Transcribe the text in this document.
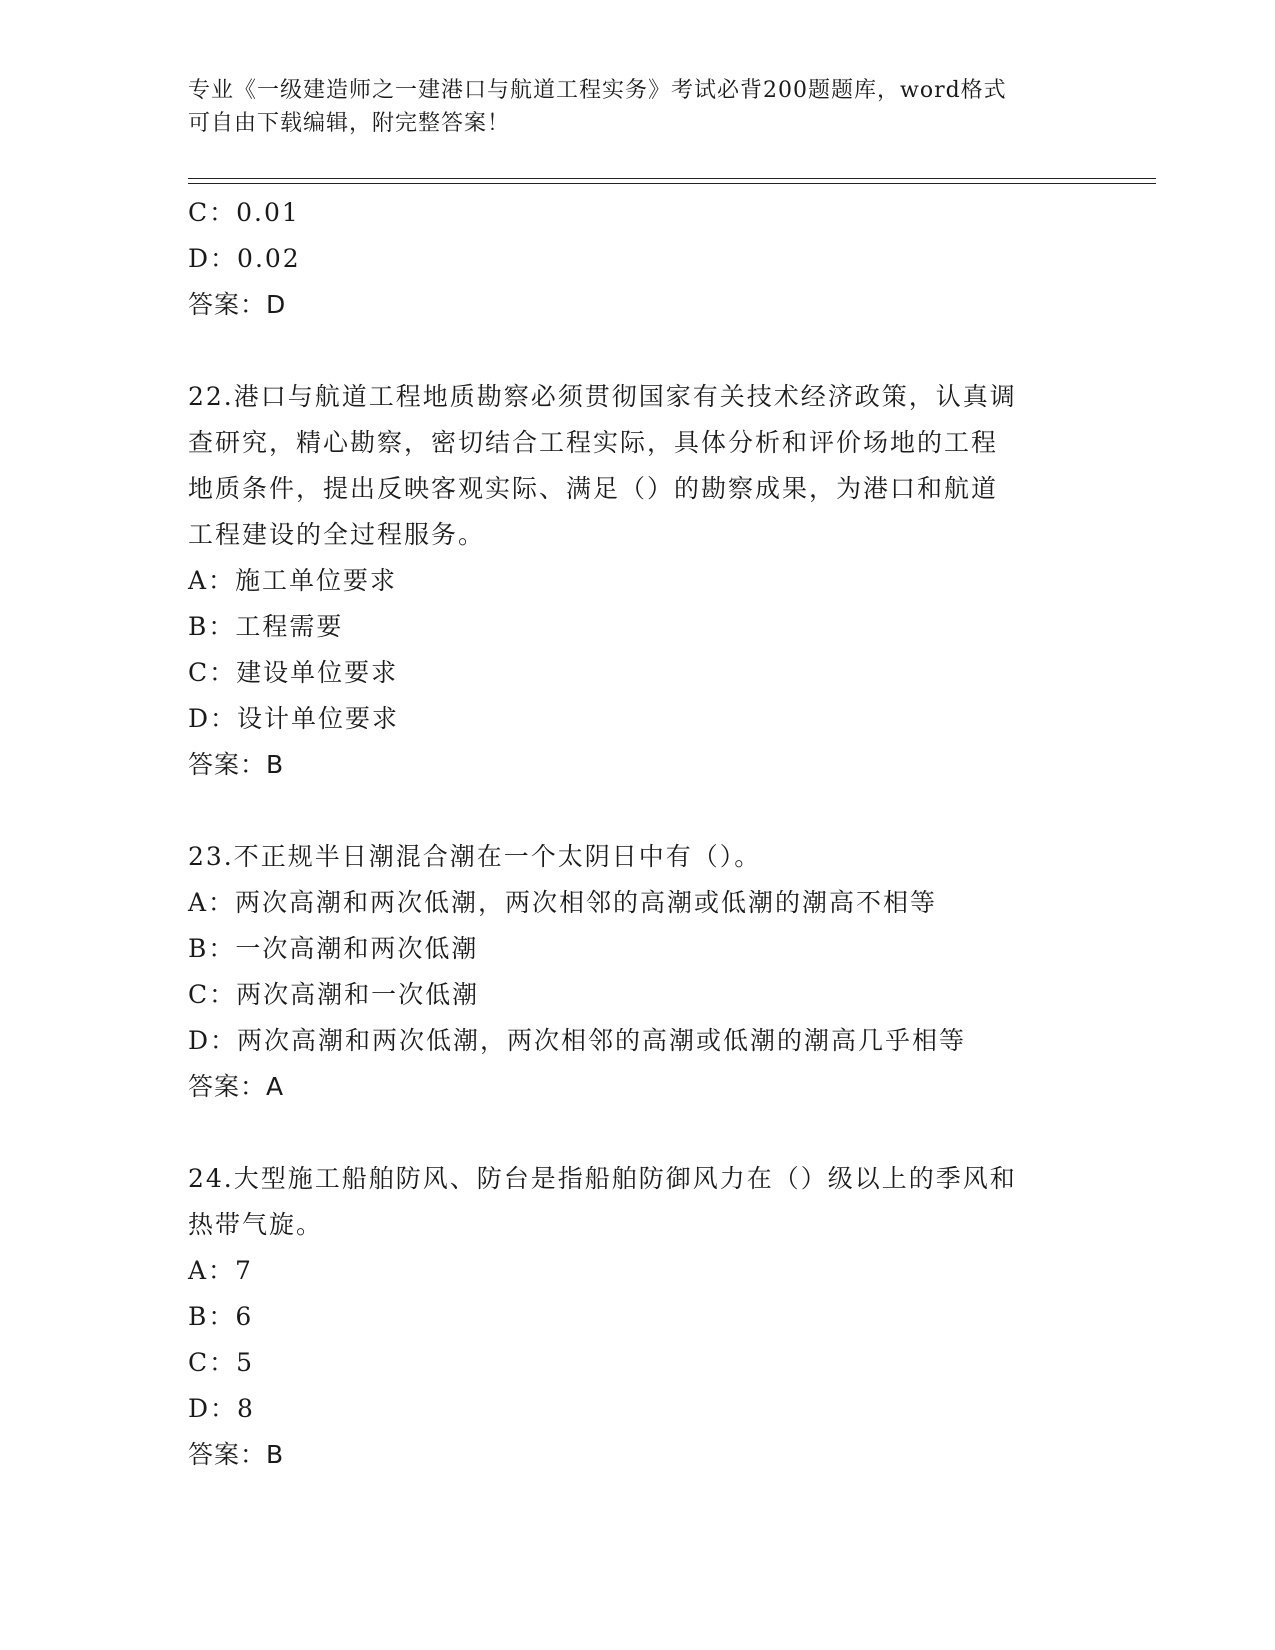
专业《一级建造师之一建港口与航道工程实务》考试必背200题题库，word格式
可自由下载编辑，附完整答案！
C：0.01
D：0.02
答案：D
22.港口与航道工程地质勘察必须贯彻国家有关技术经济政策，认真调
查研究，精心勘察，密切结合工程实际，具体分析和评价场地的工程
地质条件，提出反映客观实际、满足（）的勘察成果，为港口和航道
工程建设的全过程服务。
A：施工单位要求
B：工程需要
C：建设单位要求
D：设计单位要求
答案：B
23.不正规半日潮混合潮在一个太阴日中有（）。
A：两次高潮和两次低潮，两次相邻的高潮或低潮的潮高不相等
B：一次高潮和两次低潮
C：两次高潮和一次低潮
D：两次高潮和两次低潮，两次相邻的高潮或低潮的潮高几乎相等
答案：A
24.大型施工船舶防风、防台是指船舶防御风力在（）级以上的季风和
热带气旋。
A：7
B：6
C：5
D：8
答案：B
